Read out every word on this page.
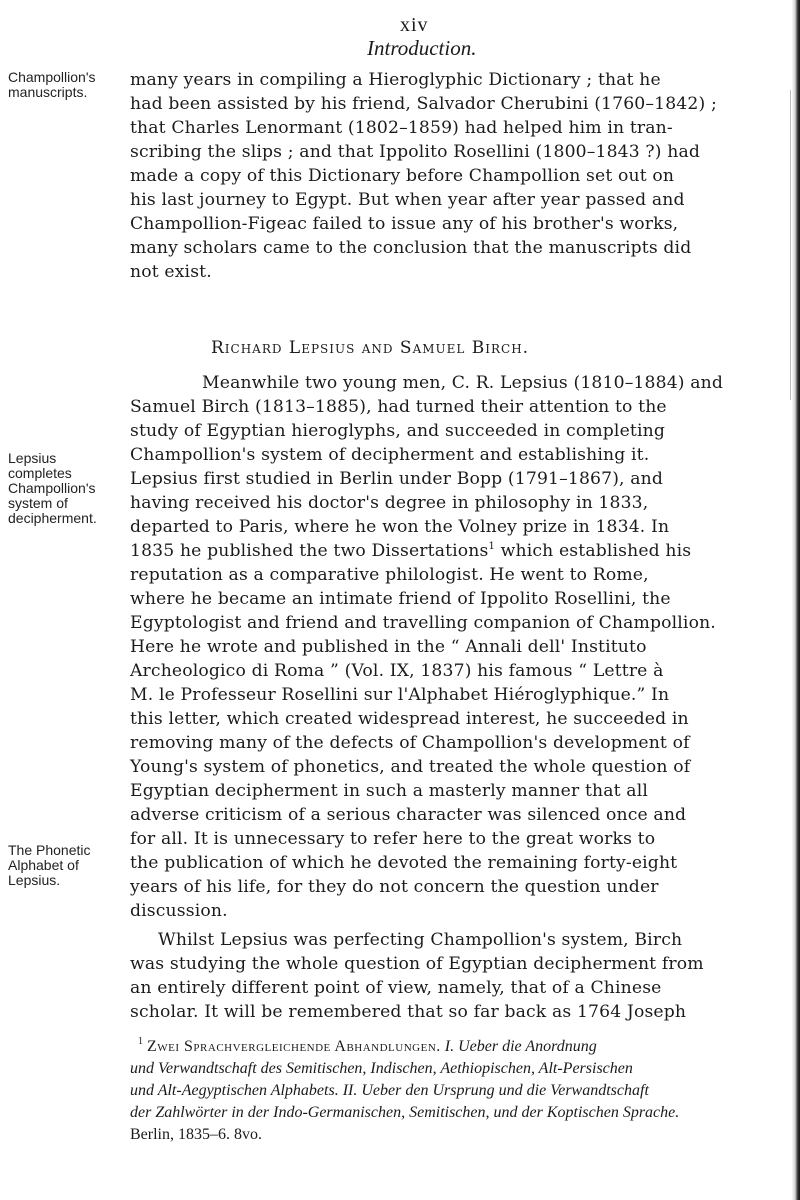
xiv
Introduction.
Champollion's
manuscripts.
Lepsius
completes
Champollion's
system of
decipherment.
The Phonetic
Alphabet of
Lepsius.
many years in compiling a Hieroglyphic Dictionary ; that he
had been assisted by his friend, Salvador Cherubini (1760–1842) ;
that Charles Lenormant (1802–1859) had helped him in tran-
scribing the slips ; and that Ippolito Rosellini (1800–1843 ?) had
made a copy of this Dictionary before Champollion set out on
his last journey to Egypt. But when year after year passed and
Champollion-Figeac failed to issue any of his brother's works,
many scholars came to the conclusion that the manuscripts did
not exist.
Richard Lepsius and Samuel Birch.
Meanwhile two young men, C. R. Lepsius (1810–1884) and
Samuel Birch (1813–1885), had turned their attention to the
study of Egyptian hieroglyphs, and succeeded in completing
Champollion's system of decipherment and establishing it.
Lepsius first studied in Berlin under Bopp (1791–1867), and
having received his doctor's degree in philosophy in 1833,
departed to Paris, where he won the Volney prize in 1834. In
1835 he published the two Dissertations$^1$ which established his
reputation as a comparative philologist. He went to Rome,
where he became an intimate friend of Ippolito Rosellini, the
Egyptologist and friend and travelling companion of Champollion.
Here he wrote and published in the “ Annali dell' Instituto
Archeologico di Roma ” (Vol. IX, 1837) his famous “ Lettre à
M. le Professeur Rosellini sur l'Alphabet Hiéroglyphique.” In
this letter, which created widespread interest, he succeeded in
removing many of the defects of Champollion's development of
Young's system of phonetics, and treated the whole question of
Egyptian decipherment in such a masterly manner that all
adverse criticism of a serious character was silenced once and
for all. It is unnecessary to refer here to the great works to
the publication of which he devoted the remaining forty-eight
years of his life, for they do not concern the question under
discussion.
Whilst Lepsius was perfecting Champollion's system, Birch
was studying the whole question of Egyptian decipherment from
an entirely different point of view, namely, that of a Chinese
scholar. It will be remembered that so far back as 1764 Joseph
$^1$ Zwei Sprachvergleichende Abhandlungen. I. Ueber die Anordnung
und Verwandtschaft des Semitischen, Indischen, Aethiopischen, Alt-Persischen
und Alt-Aegyptischen Alphabets. II. Ueber den Ursprung und die Verwandtschaft
der Zahlwörter in der Indo-Germanischen, Semitischen, und der Koptischen Sprache.
Berlin, 1835–6. 8vo.
